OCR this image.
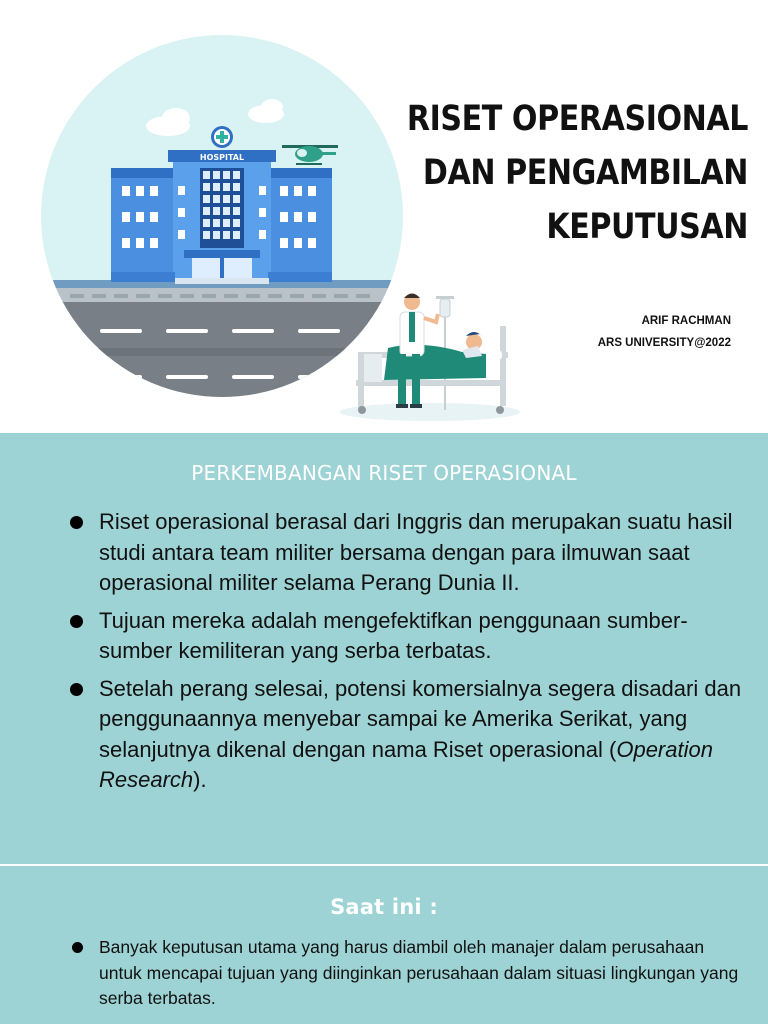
HOSPITAL
RISET OPERASIONAL
DAN PENGAMBILAN
KEPUTUSAN
ARIF RACHMAN
ARS UNIVERSITY@2022
PERKEMBANGAN RISET OPERASIONAL
Riset operasional berasal dari Inggris dan merupakan suatu hasil studi antara team militer bersama dengan para ilmuwan saat operasional militer selama Perang Dunia II.
Tujuan mereka adalah mengefektifkan penggunaan sumber-sumber kemiliteran yang serba terbatas.
Setelah perang selesai, potensi komersialnya segera disadari dan penggunaannya menyebar sampai ke Amerika Serikat, yang selanjutnya dikenal dengan nama Riset operasional (Operation Research).
Saat ini :
Banyak keputusan utama yang harus diambil oleh manajer dalam perusahaan untuk mencapai tujuan yang diinginkan perusahaan dalam situasi lingkungan yang serba terbatas.
